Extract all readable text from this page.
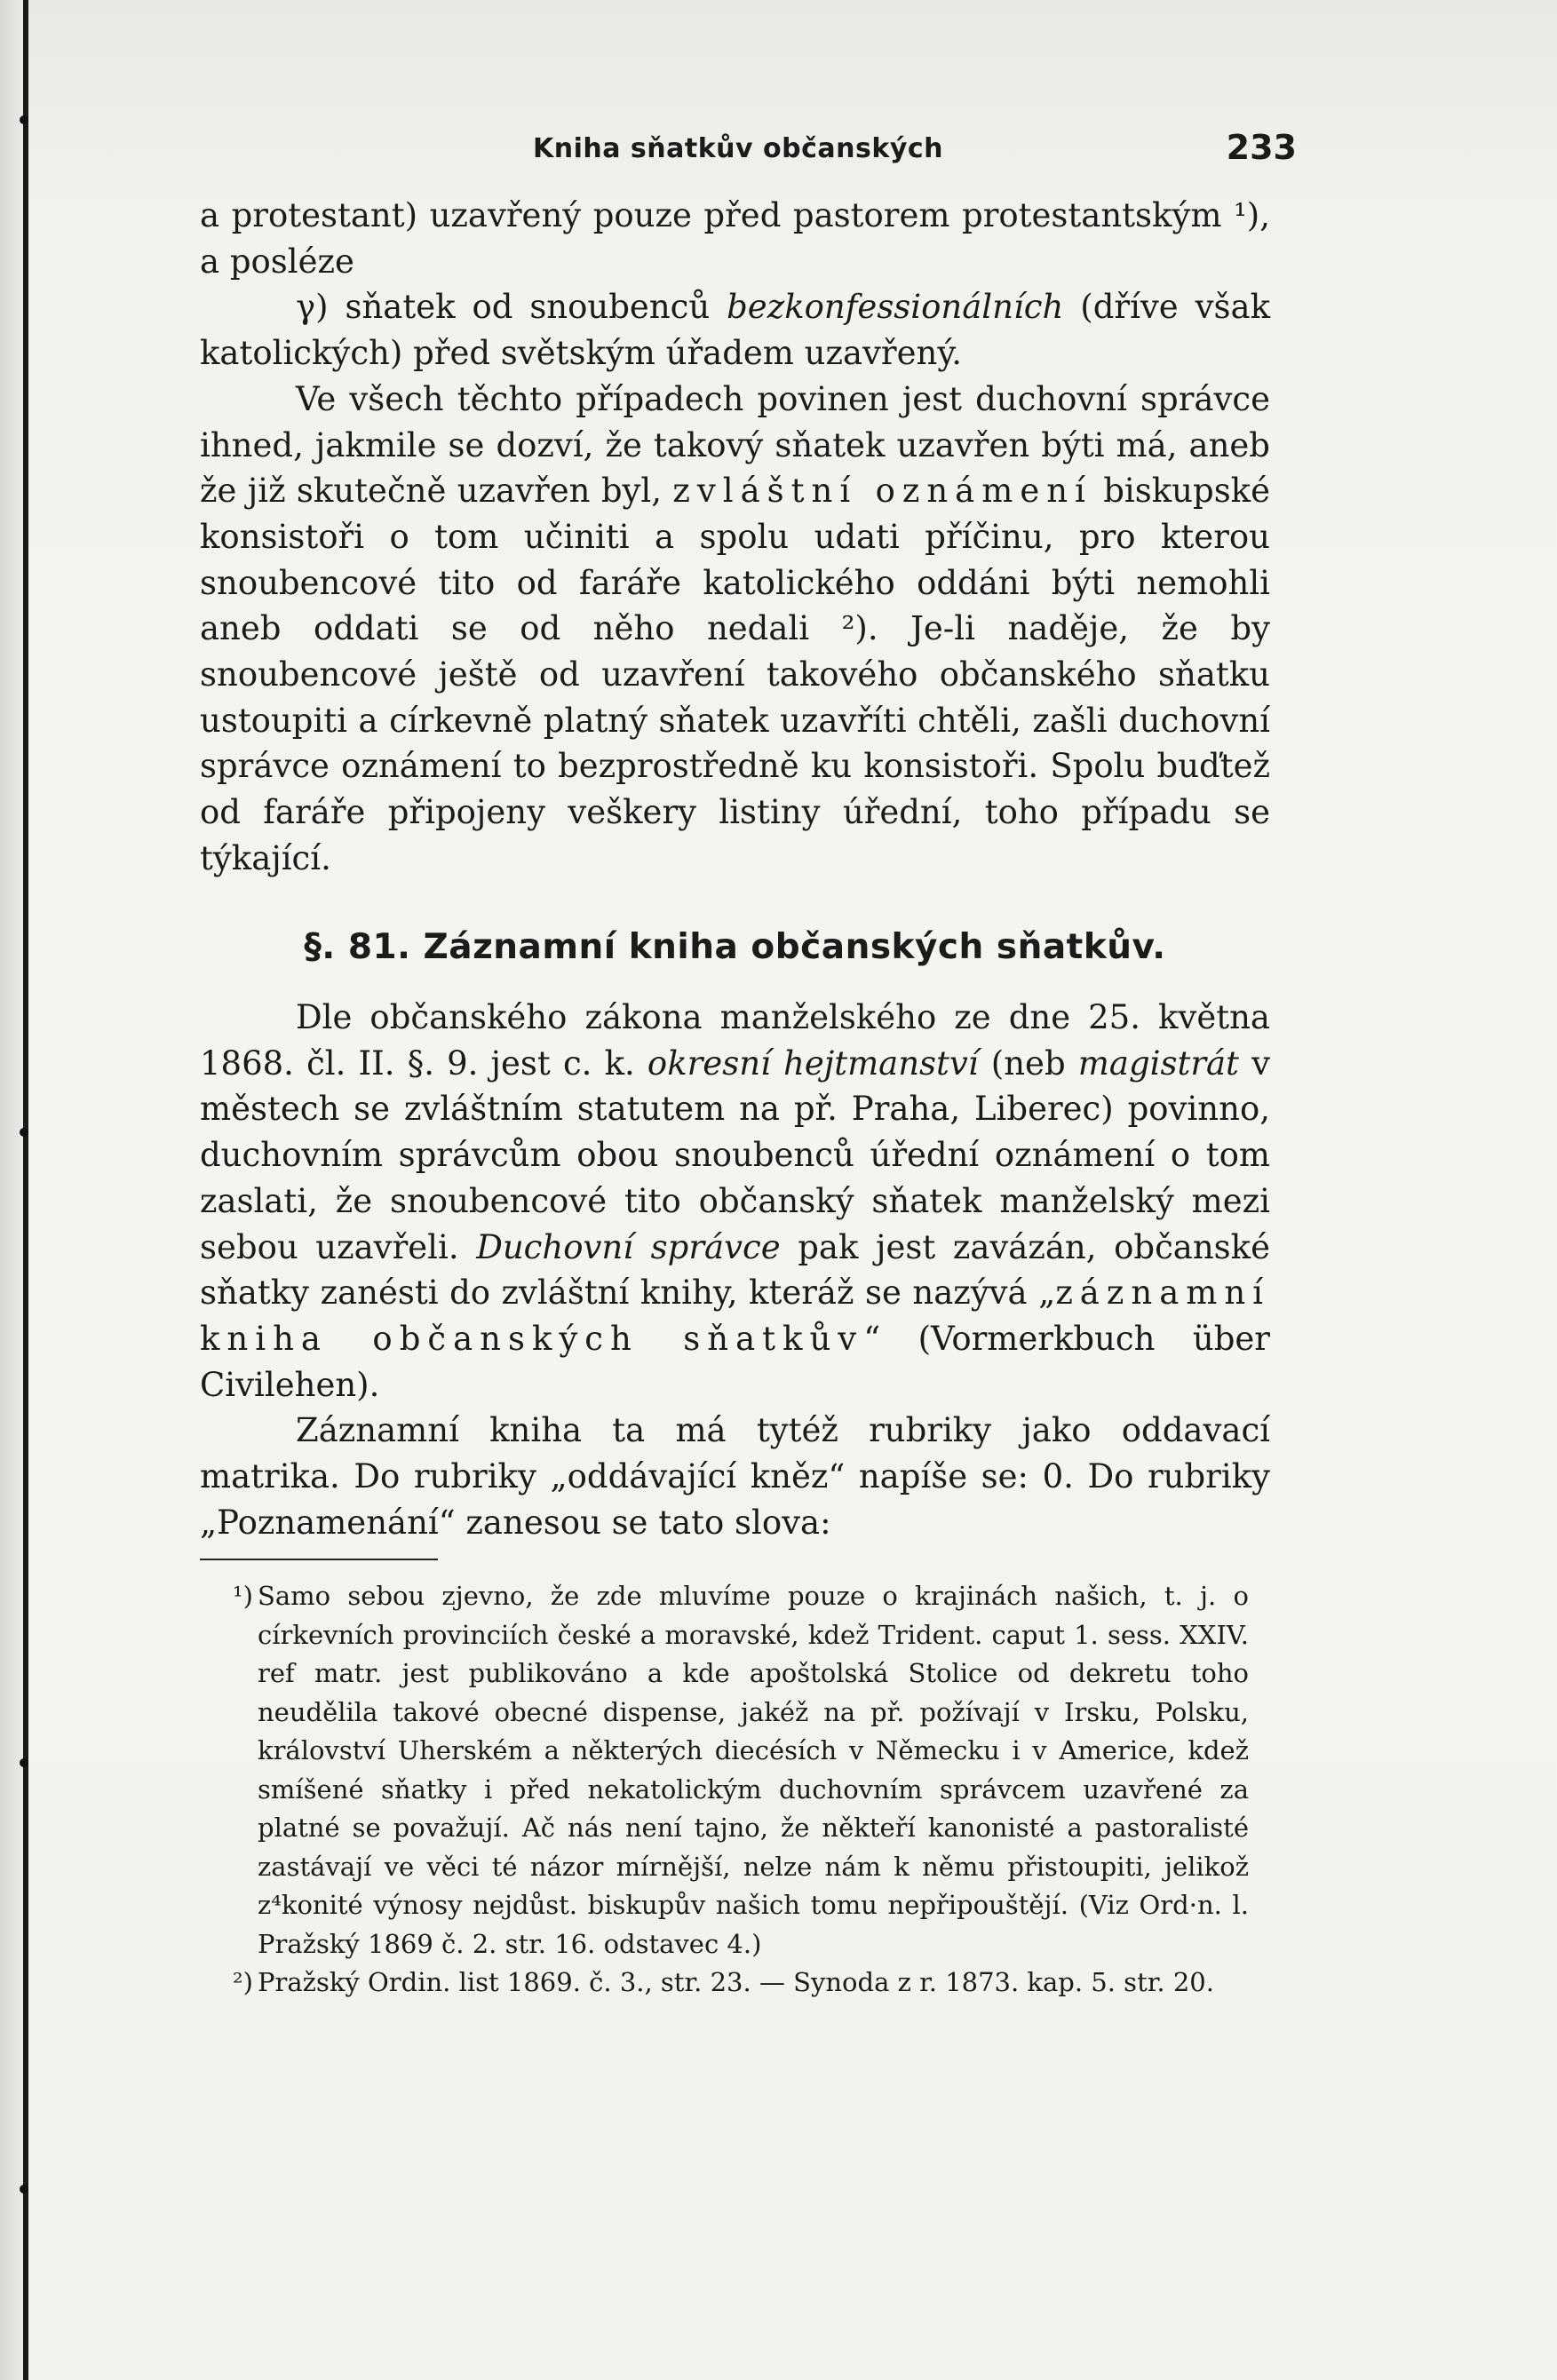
Kniha sňatkův občanských	233

a protestant) uzavřený pouze před pastorem protestantským ¹), a posléze

γ) sňatek od snoubenců bezkonfessionálních (dříve však katolických) před světským úřadem uzavřený.

Ve všech těchto případech povinen jest duchovní správce ihned, jakmile se dozví, že takový sňatek uzavřen býti má, aneb že již skutečně uzavřen byl, zvláštní oznámení biskupské konsistoři o tom učiniti a spolu udati příčinu, pro kterou snoubencové tito od faráře katolického oddáni býti nemohli aneb oddati se od něho nedali ²). Je-li naděje, že by snoubencové ještě od uzavření takového občanského sňatku ustoupiti a církevně platný sňatek uzavříti chtěli, zašli duchovní správce oznámení to bezprostředně ku konsistoři. Spolu buďtež od faráře připojeny veškery listiny úřední, toho případu se týkající.

§. 81. Záznamní kniha občanských sňatkův.

Dle občanského zákona manželského ze dne 25. května 1868. čl. II. §. 9. jest c. k. okresní hejtmanství (neb magistrát v městech se zvláštním statutem na př. Praha, Liberec) povinno, duchovním správcům obou snoubenců úřední oznámení o tom zaslati, že snoubencové tito občanský sňatek manželský mezi sebou uzavřeli. Duchovní správce pak jest zavázán, občanské sňatky zanésti do zvláštní knihy, kteráž se nazývá „záznamní kniha občanských sňatkův“ (Vormerkbuch über Civilehen).

Záznamní kniha ta má tytéž rubriky jako oddavací matrika. Do rubriky „oddávající kněz“ napíše se: 0. Do rubriky „Poznamenání“ zanesou se tato slova:

¹) Samo sebou zjevno, že zde mluvíme pouze o krajinách našich, t. j. o církevních provinciích české a moravské, kdež Trident. caput 1. sess. XXIV. ref matr. jest publikováno a kde apoštolská Stolice od dekretu toho neudělila takové obecné dispense, jakéž na př. požívají v Irsku, Polsku, království Uherském a některých diecésích v Německu i v Americe, kdež smíšené sňatky i před nekatolickým duchovním správcem uzavřené za platné se považují. Ač nás není tajno, že někteří kanonisté a pastoralisté zastávají ve věci té názor mírnější, nelze nám k němu přistoupiti, jelikož z⁴konité výnosy nejdůst. biskupův našich tomu nepřipouštějí. (Viz Ord·n. l. Pražský 1869 č. 2. str. 16. odstavec 4.)

²) Pražský Ordin. list 1869. č. 3., str. 23. — Synoda z r. 1873. kap. 5. str. 20.
